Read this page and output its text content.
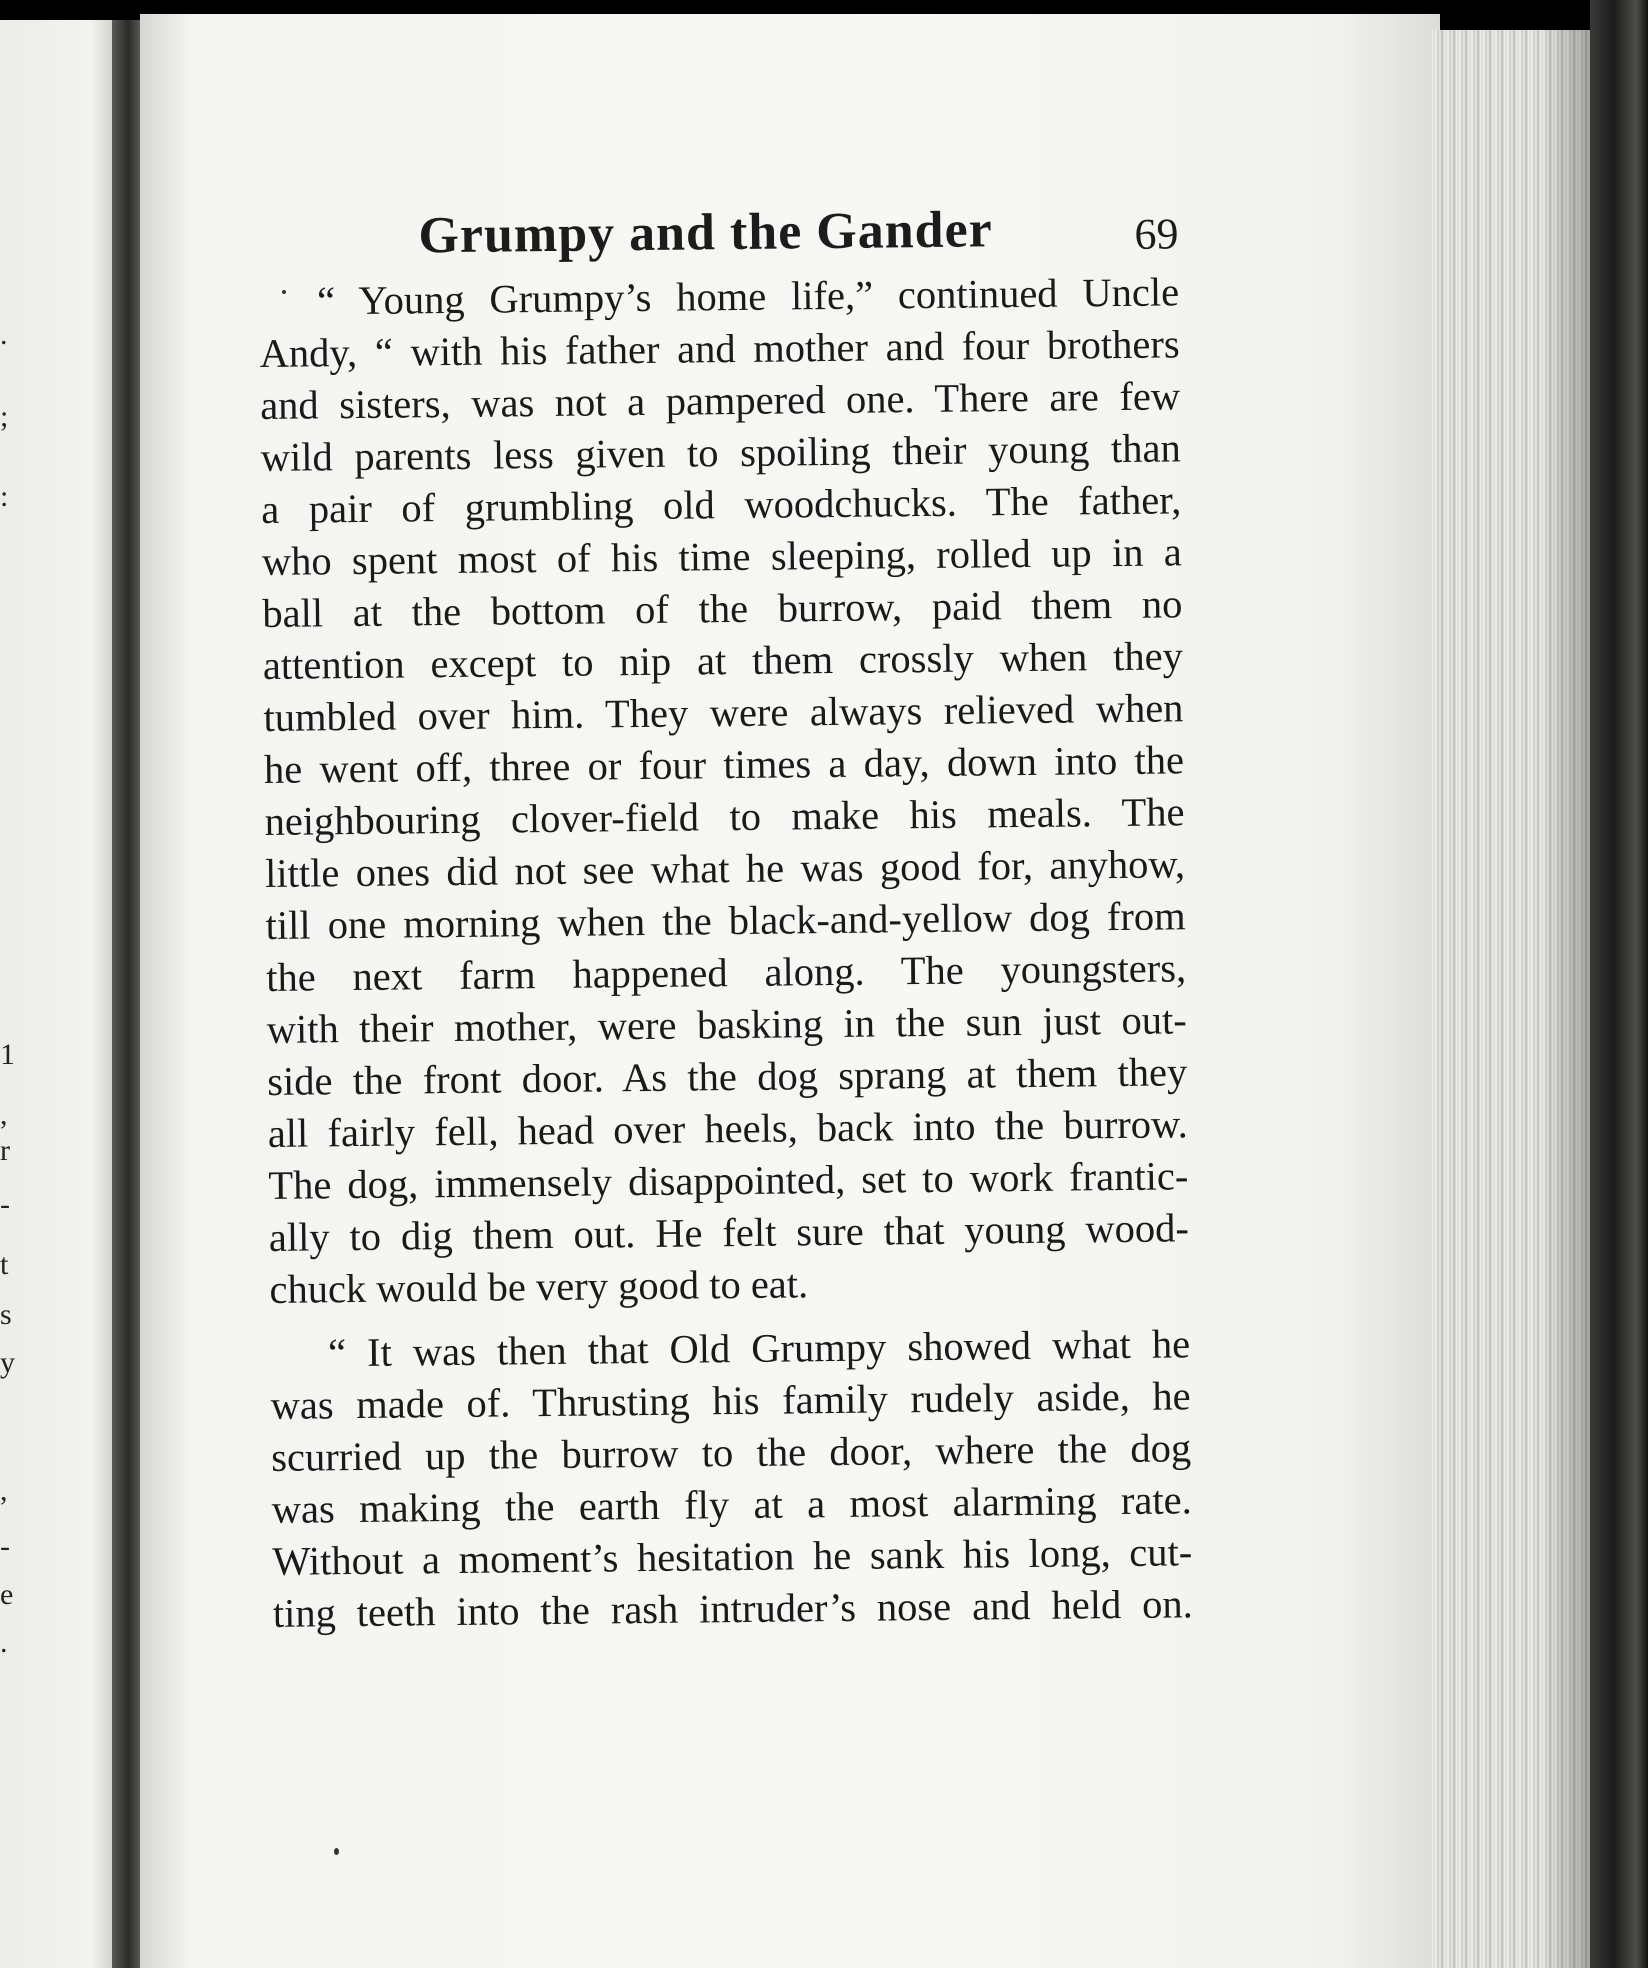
.
;
:
1
,
r
-
t
s
y
,
-
e
.
Grumpy and the Gander	69
“ Young Grumpy’s home life,” continued Uncle
Andy, “ with his father and mother and four brothers
and sisters, was not a pampered one. There are few
wild parents less given to spoiling their young than
a pair of grumbling old woodchucks. The father,
who spent most of his time sleeping, rolled up in a
ball at the bottom of the burrow, paid them no
attention except to nip at them crossly when they
tumbled over him. They were always relieved when
he went off, three or four times a day, down into the
neighbouring clover-field to make his meals. The
little ones did not see what he was good for, anyhow,
till one morning when the black-and-yellow dog from
the next farm happened along. The youngsters,
with their mother, were basking in the sun just out-
side the front door. As the dog sprang at them they
all fairly fell, head over heels, back into the burrow.
The dog, immensely disappointed, set to work frantic-
ally to dig them out. He felt sure that young wood-
chuck would be very good to eat.
“ It was then that Old Grumpy showed what he
was made of. Thrusting his family rudely aside, he
scurried up the burrow to the door, where the dog
was making the earth fly at a most alarming rate.
Without a moment’s hesitation he sank his long, cut-
ting teeth into the rash intruder’s nose and held on.
